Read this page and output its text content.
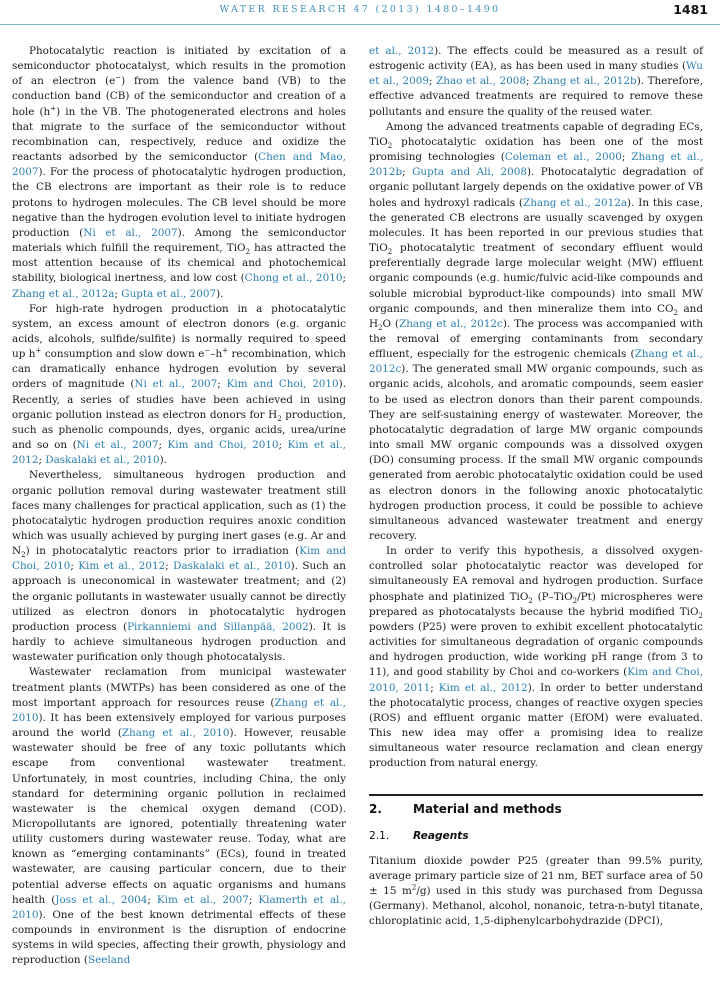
WATER RESEARCH 47 (2013) 1480–1490	1481

Photocatalytic reaction is initiated by excitation of a semiconductor photocatalyst, which results in the promotion of an electron (e−) from the valence band (VB) to the conduction band (CB) of the semiconductor and creation of a hole (h+) in the VB. The photogenerated electrons and holes that migrate to the surface of the semiconductor without recombination can, respectively, reduce and oxidize the reactants adsorbed by the semiconductor (Chen and Mao, 2007). For the process of photocatalytic hydrogen production, the CB electrons are important as their role is to reduce protons to hydrogen molecules. The CB level should be more negative than the hydrogen evolution level to initiate hydrogen production (Ni et al., 2007). Among the semiconductor materials which fulfill the requirement, TiO$_2$ has attracted the most attention because of its chemical and photochemical stability, biological inertness, and low cost (Chong et al., 2010; Zhang et al., 2012a; Gupta et al., 2007).

For high-rate hydrogen production in a photocatalytic system, an excess amount of electron donors (e.g. organic acids, alcohols, sulfide/sulfite) is normally required to speed up h+ consumption and slow down e−–h+ recombination, which can dramatically enhance hydrogen evolution by several orders of magnitude (Ni et al., 2007; Kim and Choi, 2010). Recently, a series of studies have been achieved in using organic pollution instead as electron donors for $H_2$ production, such as phenolic compounds, dyes, organic acids, urea/urine and so on (Ni et al., 2007; Kim and Choi, 2010; Kim et al., 2012; Daskalaki et al., 2010).

Nevertheless, simultaneous hydrogen production and organic pollution removal during wastewater treatment still faces many challenges for practical application, such as (1) the photocatalytic hydrogen production requires anoxic condition which was usually achieved by purging inert gases (e.g. Ar and $N_2$) in photocatalytic reactors prior to irradiation (Kim and Choi, 2010; Kim et al., 2012; Daskalaki et al., 2010). Such an approach is uneconomical in wastewater treatment; and (2) the organic pollutants in wastewater usually cannot be directly utilized as electron donors in photocatalytic hydrogen production process (Pirkanniemi and Sillanpää, 2002). It is hardly to achieve simultaneous hydrogen production and wastewater purification only though photocatalysis.

Wastewater reclamation from municipal wastewater treatment plants (MWTPs) has been considered as one of the most important approach for resources reuse (Zhang et al., 2010). It has been extensively employed for various purposes around the world (Zhang et al., 2010). However, reusable wastewater should be free of any toxic pollutants which escape from conventional wastewater treatment. Unfortunately, in most countries, including China, the only standard for determining organic pollution in reclaimed wastewater is the chemical oxygen demand (COD). Micropollutants are ignored, potentially threatening water utility customers during wastewater reuse. Today, what are known as “emerging contaminants” (ECs), found in treated wastewater, are causing particular concern, due to their potential adverse effects on aquatic organisms and humans health (Joss et al., 2004; Kim et al., 2007; Klamerth et al., 2010). One of the best known detrimental effects of these compounds in environment is the disruption of endocrine systems in wild species, affecting their growth, physiology and reproduction (Seeland

et al., 2012). The effects could be measured as a result of estrogenic activity (EA), as has been used in many studies (Wu et al., 2009; Zhao et al., 2008; Zhang et al., 2012b). Therefore, effective advanced treatments are required to remove these pollutants and ensure the quality of the reused water.

Among the advanced treatments capable of degrading ECs, TiO$_2$ photocatalytic oxidation has been one of the most promising technologies (Coleman et al., 2000; Zhang et al., 2012b; Gupta and Ali, 2008). Photocatalytic degradation of organic pollutant largely depends on the oxidative power of VB holes and hydroxyl radicals (Zhang et al., 2012a). In this case, the generated CB electrons are usually scavenged by oxygen molecules. It has been reported in our previous studies that TiO$_2$ photocatalytic treatment of secondary effluent would preferentially degrade large molecular weight (MW) effluent organic compounds (e.g. humic/fulvic acid-like compounds and soluble microbial byproduct-like compounds) into small MW organic compounds, and then mineralize them into $CO_2$ and $H_2O$ (Zhang et al., 2012c). The process was accompanied with the removal of emerging contaminants from secondary effluent, especially for the estrogenic chemicals (Zhang et al., 2012c). The generated small MW organic compounds, such as organic acids, alcohols, and aromatic compounds, seem easier to be used as electron donors than their parent compounds. They are self-sustaining energy of wastewater. Moreover, the photocatalytic degradation of large MW organic compounds into small MW organic compounds was a dissolved oxygen (DO) consuming process. If the small MW organic compounds generated from aerobic photocatalytic oxidation could be used as electron donors in the following anoxic photocatalytic hydrogen production process, it could be possible to achieve simultaneous advanced wastewater treatment and energy recovery.

In order to verify this hypothesis, a dissolved oxygen-controlled solar photocatalytic reactor was developed for simultaneously EA removal and hydrogen production. Surface phosphate and platinized TiO$_2$ (P–TiO$_2$/Pt) microspheres were prepared as photocatalysts because the hybrid modified TiO$_2$ powders (P25) were proven to exhibit excellent photocatalytic activities for simultaneous degradation of organic compounds and hydrogen production, wide working pH range (from 3 to 11), and good stability by Choi and co-workers (Kim and Choi, 2010, 2011; Kim et al., 2012). In order to better understand the photocatalytic process, changes of reactive oxygen species (ROS) and effluent organic matter (EfOM) were evaluated. This new idea may offer a promising idea to realize simultaneous water resource reclamation and clean energy production from natural energy.

2.	Material and methods
2.1.	Reagents

Titanium dioxide powder P25 (greater than 99.5% purity, average primary particle size of 21 nm, BET surface area of 50 ± 15 $m^2/g$) used in this study was purchased from Degussa (Germany). Methanol, alcohol, nonanoic, tetra-n-butyl titanate, chloroplatinic acid, 1,5-diphenylcarbohydrazide (DPCI),
